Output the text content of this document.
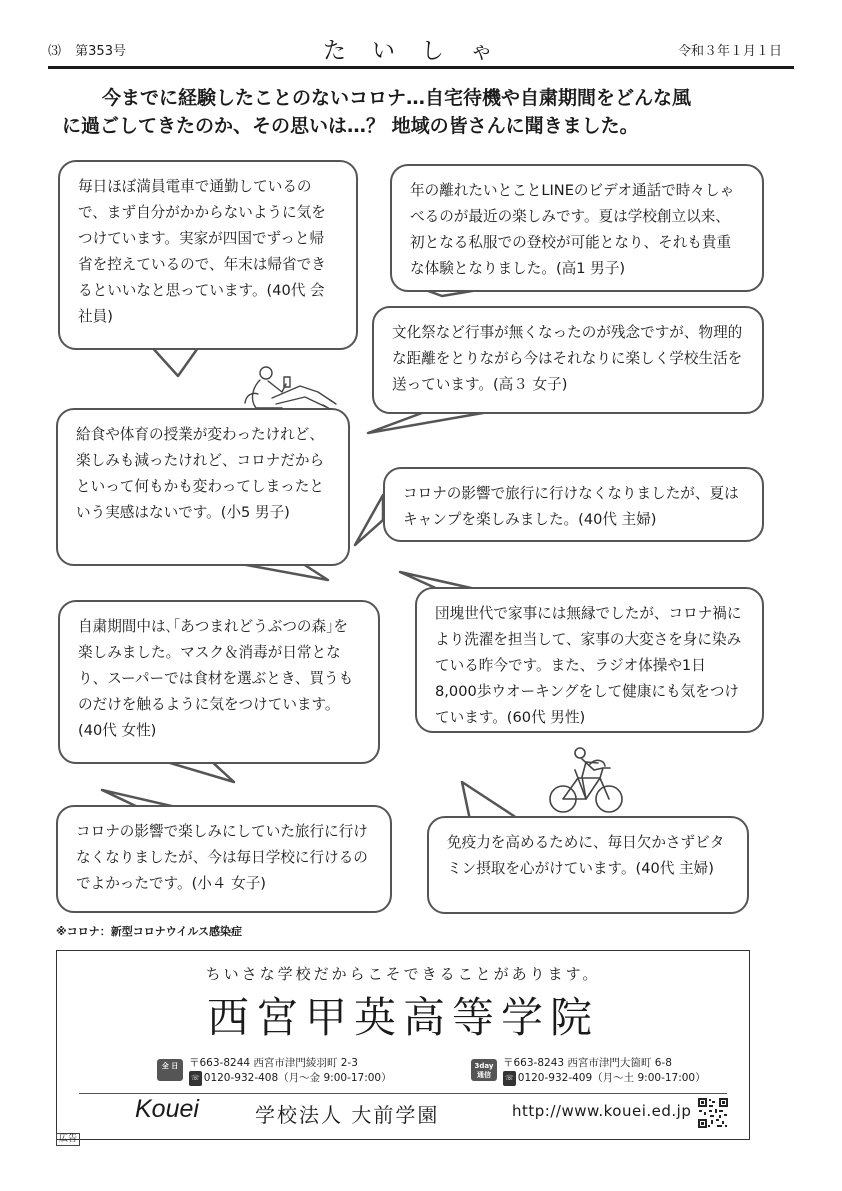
⑶ 第353号	たいしゃ	令和３年１月１日
今までに経験したことのないコロナ…自宅待機や自粛期間をどんな風
に過ごしてきたのか、その思いは…？ 地域の皆さんに聞きました。
毎日ほぼ満員電車で通勤しているので、まず自分がかからないように気をつけています。実家が四国でずっと帰省を控えているので、年末は帰省できるといいなと思っています。(40代 会社員)
年の離れたいとことLINEのビデオ通話で時々しゃべるのが最近の楽しみです。夏は学校創立以来、初となる私服での登校が可能となり、それも貴重な体験となりました。(高1 男子)
文化祭など行事が無くなったのが残念ですが、物理的な距離をとりながら今はそれなりに楽しく学校生活を送っています。(高３ 女子)
給食や体育の授業が変わったけれど、楽しみも減ったけれど、コロナだからといって何もかも変わってしまったという実感はないです。(小5 男子)
コロナの影響で旅行に行けなくなりましたが、夏はキャンプを楽しみました。(40代 主婦)
自粛期間中は､｢あつまれどうぶつの森｣を楽しみました。マスク＆消毒が日常となり、スーパーでは食材を選ぶとき、買うものだけを触るように気をつけています。(40代 女性)
団塊世代で家事には無縁でしたが、コロナ禍により洗濯を担当して、家事の大変さを身に染みている昨今です。また、ラジオ体操や1日8,000歩ウオーキングをして健康にも気をつけています。(60代 男性)
コロナの影響で楽しみにしていた旅行に行けなくなりましたが、今は毎日学校に行けるのでよかったです。(小４ 女子)
免疫力を高めるために、毎日欠かさずビタミン摂取を心がけています。(40代 主婦)
※コロナ：新型コロナウイルス感染症
ちいさな学校だからこそできることがあります。
西宮甲英高等学院
全 日	〒663-8244 西宮市津門綾羽町 2-3
☏ 0120-932-408（月～金 9:00-17:00）
3day 通信
〒663-8243 西宮市津門大箇町 6-8
☏ 0120-932-409（月～土 9:00-17:00）
Kouei	学校法人 大前学園	http://www.kouei.ed.jp
広告
